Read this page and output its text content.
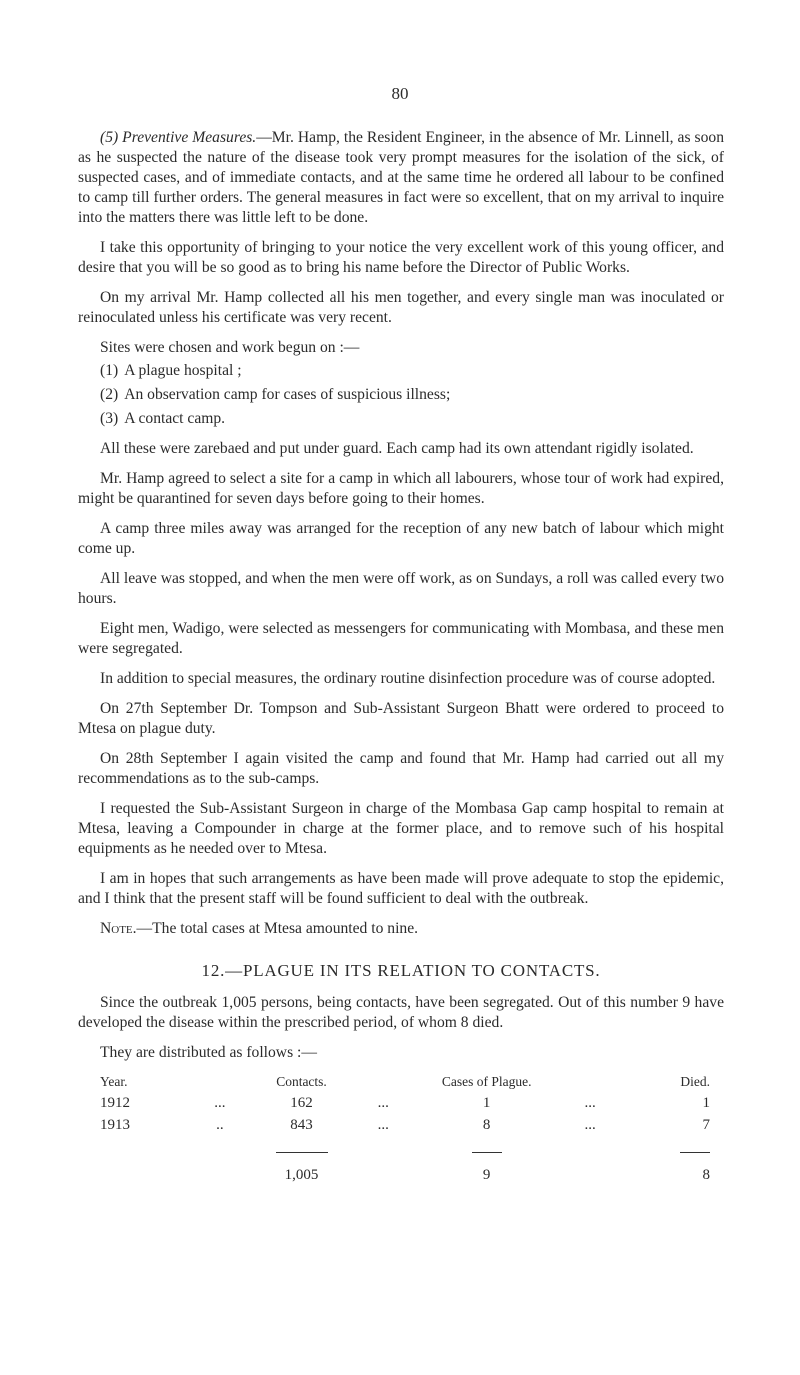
80

(5) Preventive Measures.—Mr. Hamp, the Resident Engineer, in the absence of Mr. Linnell, as soon as he suspected the nature of the disease took very prompt measures for the isolation of the sick, of suspected cases, and of immediate contacts, and at the same time he ordered all labour to be confined to camp till further orders. The general measures in fact were so excellent, that on my arrival to inquire into the matters there was little left to be done.

I take this opportunity of bringing to your notice the very excellent work of this young officer, and desire that you will be so good as to bring his name before the Director of Public Works.

On my arrival Mr. Hamp collected all his men together, and every single man was inoculated or reinoculated unless his certificate was very recent.

Sites were chosen and work begun on :—

(1) A plague hospital ;
(2) An observation camp for cases of suspicious illness;
(3) A contact camp.

All these were zarebaed and put under guard. Each camp had its own attendant rigidly isolated.

Mr. Hamp agreed to select a site for a camp in which all labourers, whose tour of work had expired, might be quarantined for seven days before going to their homes.

A camp three miles away was arranged for the reception of any new batch of labour which might come up.

All leave was stopped, and when the men were off work, as on Sundays, a roll was called every two hours.

Eight men, Wadigo, were selected as messengers for communicating with Mombasa, and these men were segregated.

In addition to special measures, the ordinary routine disinfection procedure was of course adopted.

On 27th September Dr. Tompson and Sub-Assistant Surgeon Bhatt were ordered to proceed to Mtesa on plague duty.

On 28th September I again visited the camp and found that Mr. Hamp had carried out all my recommendations as to the sub-camps.

I requested the Sub-Assistant Surgeon in charge of the Mombasa Gap camp hospital to remain at Mtesa, leaving a Compounder in charge at the former place, and to remove such of his hospital equipments as he needed over to Mtesa.

I am in hopes that such arrangements as have been made will prove adequate to stop the epidemic, and I think that the present staff will be found sufficient to deal with the outbreak.

Note.—The total cases at Mtesa amounted to nine.

12.—PLAGUE IN ITS RELATION TO CONTACTS.

Since the outbreak 1,005 persons, being contacts, have been segregated. Out of this number 9 have developed the disease within the prescribed period, of whom 8 died.

They are distributed as follows :—

Year.		Contacts.		Cases of Plague.		Died.
1912	...	162	...	1	...	1
1913	..	843	...	8	...	7

		1,005		9		8
